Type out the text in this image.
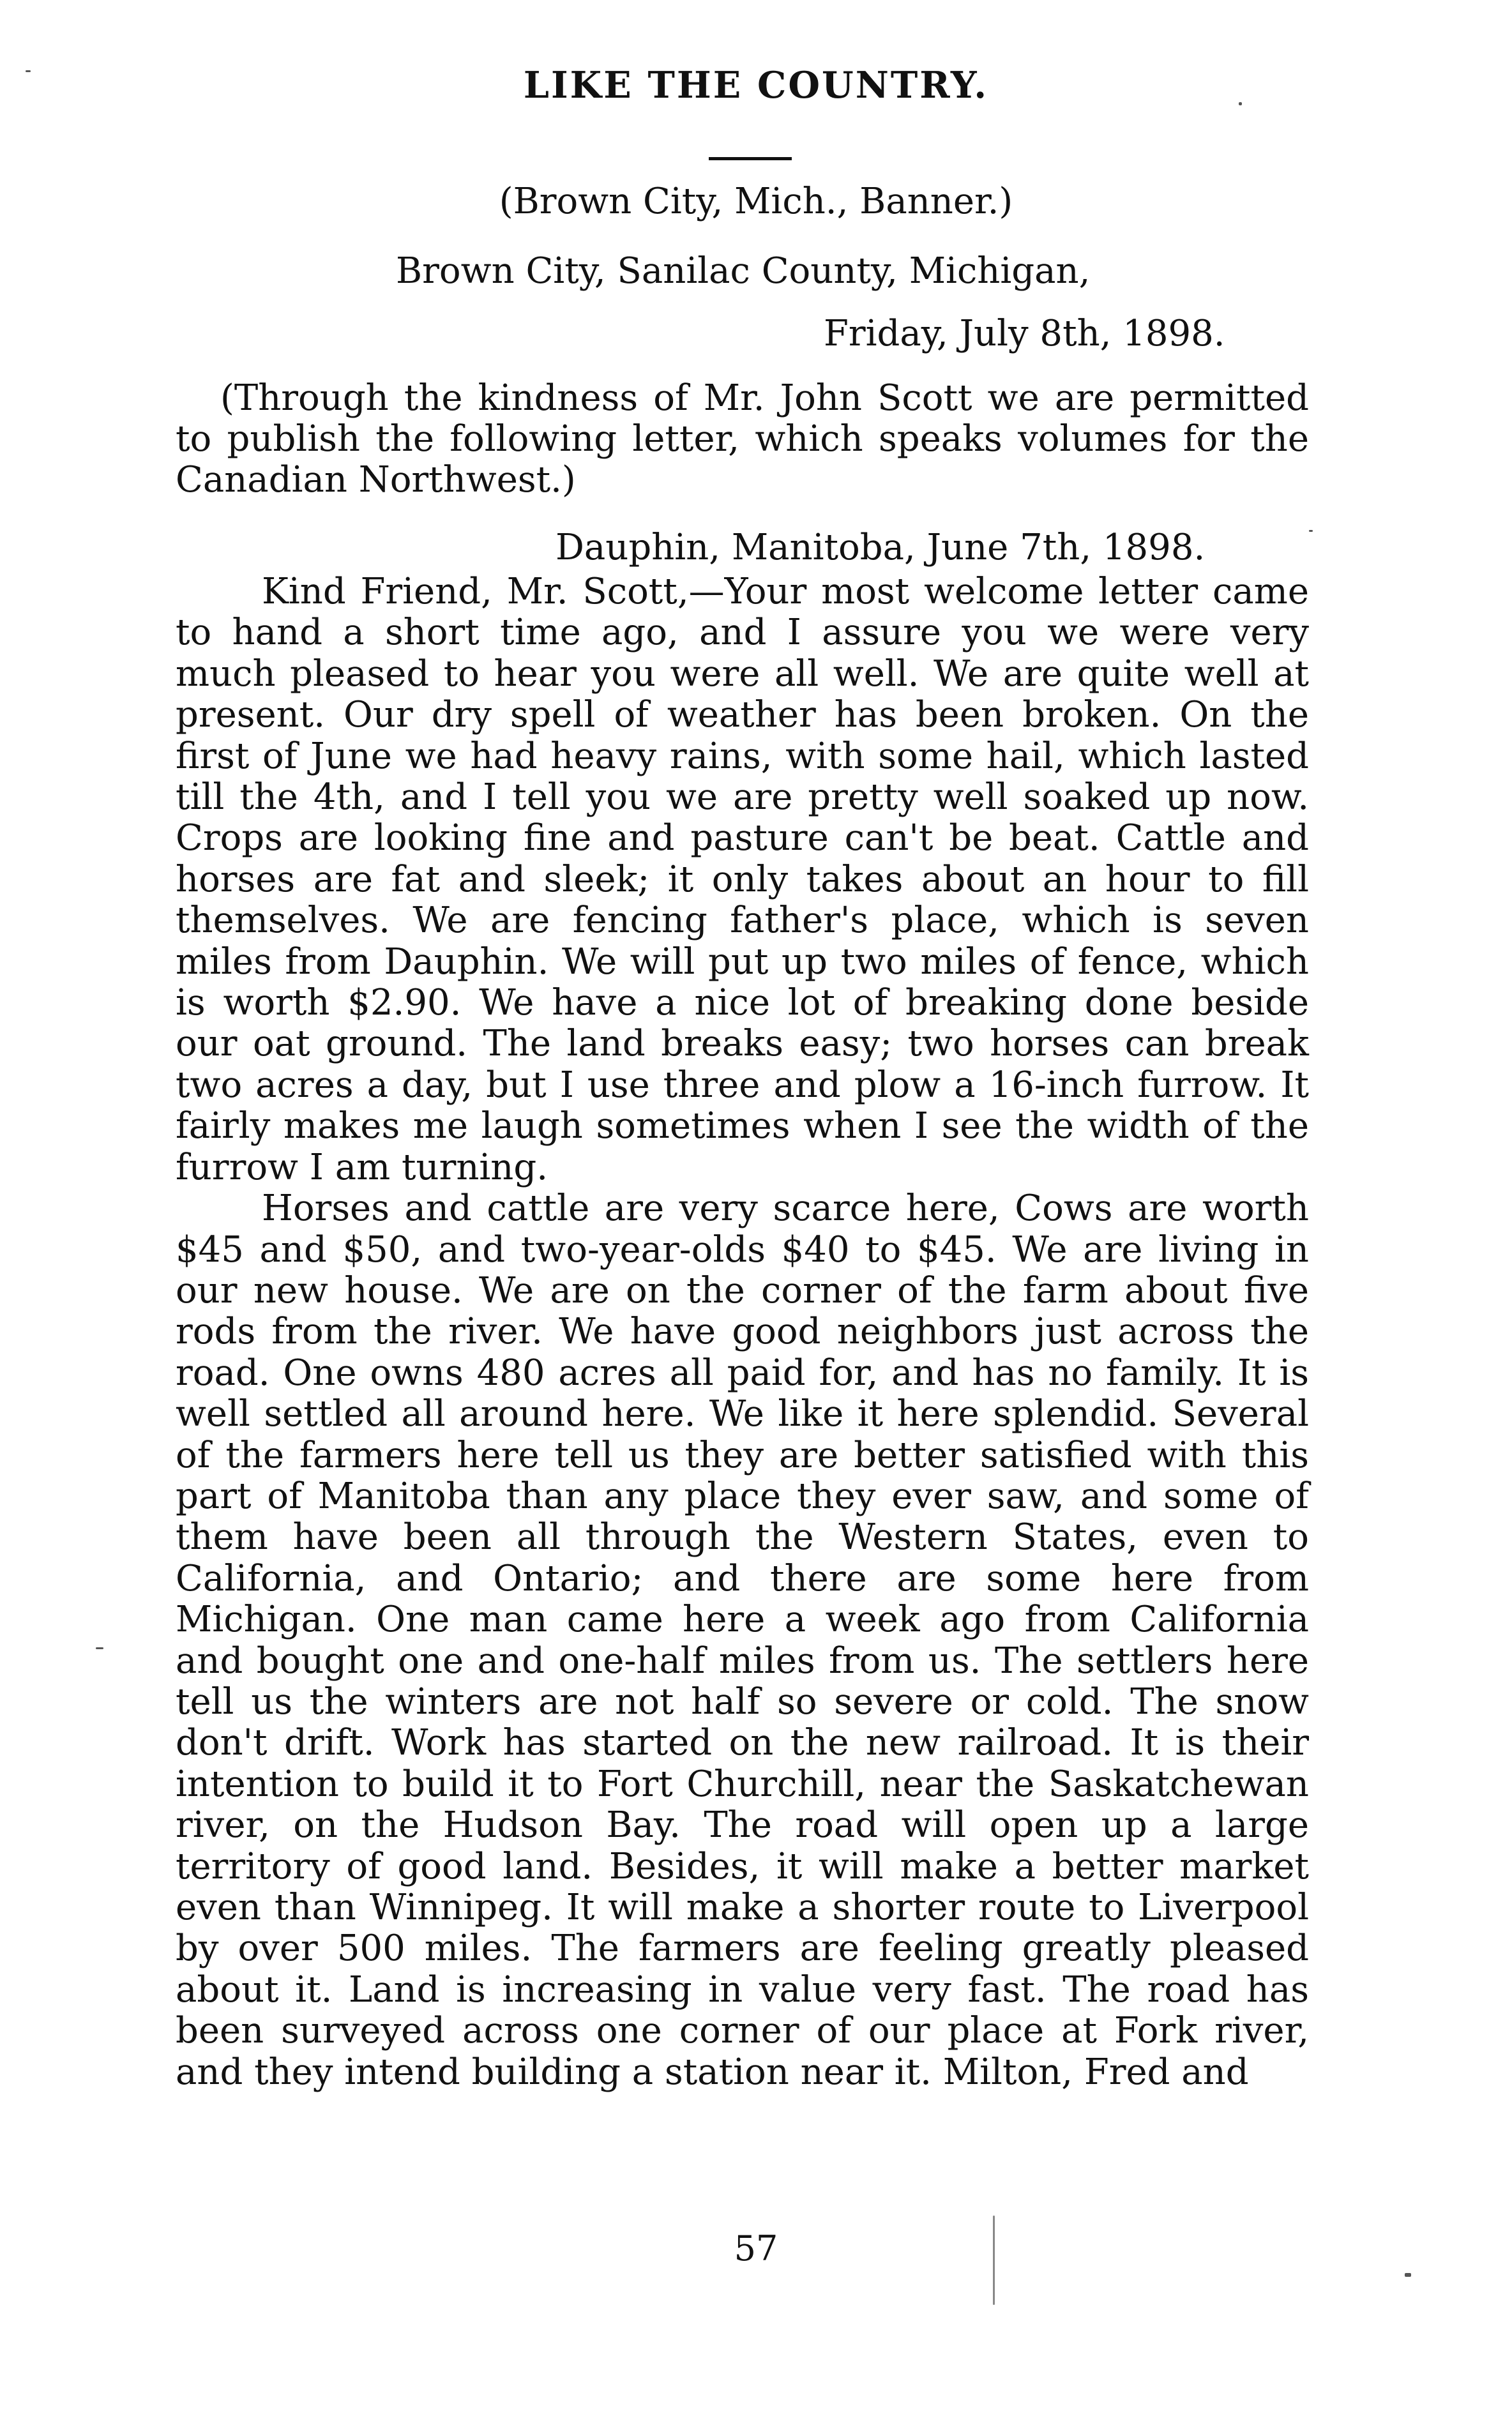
LIKE THE COUNTRY.
(Brown City, Mich., Banner.)
Brown City, Sanilac County, Michigan,
Friday, July 8th, 1898.
(Through the kindness of Mr. John Scott we are permitted to publish the following letter, which speaks volumes for the Canadian Northwest.)
Dauphin, Manitoba, June 7th, 1898.

Kind Friend, Mr. Scott,—Your most welcome letter came to hand a short time ago, and I assure you we were very much pleased to hear you were all well. We are quite well at present. Our dry spell of weather has been broken. On the first of June we had heavy rains, with some hail, which lasted till the 4th, and I tell you we are pretty well soaked up now. Crops are looking fine and pasture can't be beat. Cattle and horses are fat and sleek; it only takes about an hour to fill themselves. We are fencing father's place, which is seven miles from Dauphin. We will put up two miles of fence, which is worth $2.90. We have a nice lot of breaking done beside our oat ground. The land breaks easy; two horses can break two acres a day, but I use three and plow a 16-inch furrow. It fairly makes me laugh sometimes when I see the width of the furrow I am turning.

Horses and cattle are very scarce here, Cows are worth $45 and $50, and two-year-olds $40 to $45. We are living in our new house. We are on the corner of the farm about five rods from the river. We have good neighbors just across the road. One owns 480 acres all paid for, and has no family. It is well settled all around here. We like it here splendid. Several of the farmers here tell us they are better satisfied with this part of Manitoba than any place they ever saw, and some of them have been all through the Western States, even to California, and Ontario; and there are some here from Michigan. One man came here a week ago from California and bought one and one-half miles from us. The settlers here tell us the winters are not half so severe or cold. The snow don't drift. Work has started on the new railroad. It is their intention to build it to Fort Churchill, near the Saskatchewan river, on the Hudson Bay. The road will open up a large territory of good land. Besides, it will make a better market even than Winnipeg. It will make a shorter route to Liverpool by over 500 miles. The farmers are feeling greatly pleased about it. Land is increasing in value very fast. The road has been surveyed across one corner of our place at Fork river, and they intend building a station near it. Milton, Fred and

57
